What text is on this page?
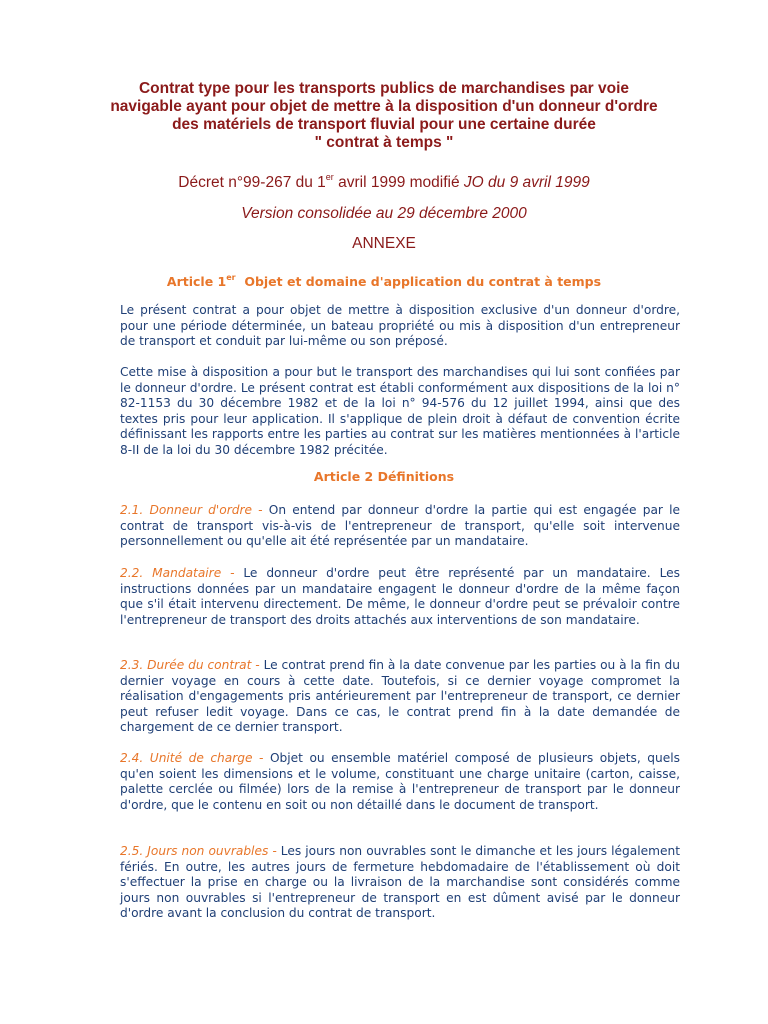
Contrat type pour les transports publics de marchandises par voie
navigable ayant pour objet de mettre à la disposition d'un donneur d'ordre
des matériels de transport fluvial pour une certaine durée
" contrat à temps "
Décret n°99-267 du 1er avril 1999 modifié JO du 9 avril 1999
Version consolidée au 29 décembre 2000
ANNEXE
Article 1er  Objet et domaine d'application du contrat à temps

Le présent contrat a pour objet de mettre à disposition exclusive d'un donneur d'ordre, pour une période déterminée, un bateau propriété ou mis à disposition d'un entrepreneur de transport et conduit par lui-même ou son préposé.

Cette mise à disposition a pour but le transport des marchandises qui lui sont confiées par le donneur d'ordre. Le présent contrat est établi conformément aux dispositions de la loi n° 82-1153 du 30 décembre 1982 et de la loi n° 94-576 du 12 juillet 1994, ainsi que des textes pris pour leur application. Il s'applique de plein droit à défaut de convention écrite définissant les rapports entre les parties au contrat sur les matières mentionnées à l'article 8-II de la loi du 30 décembre 1982 précitée.

Article 2 Définitions

2.1. Donneur d'ordre - On entend par donneur d'ordre la partie qui est engagée par le contrat de transport vis-à-vis de l'entrepreneur de transport, qu'elle soit intervenue personnellement ou qu'elle ait été représentée par un mandataire.

2.2. Mandataire - Le donneur d'ordre peut être représenté par un mandataire. Les instructions données par un mandataire engagent le donneur d'ordre de la même façon que s'il était intervenu directement. De même, le donneur d'ordre peut se prévaloir contre l'entrepreneur de transport des droits attachés aux interventions de son mandataire.

2.3. Durée du contrat - Le contrat prend fin à la date convenue par les parties ou à la fin du dernier voyage en cours à cette date. Toutefois, si ce dernier voyage compromet la réalisation d'engagements pris antérieurement par l'entrepreneur de transport, ce dernier peut refuser ledit voyage. Dans ce cas, le contrat prend fin à la date demandée de chargement de ce dernier transport.

2.4. Unité de charge - Objet ou ensemble matériel composé de plusieurs objets, quels qu'en soient les dimensions et le volume, constituant une charge unitaire (carton, caisse, palette cerclée ou filmée) lors de la remise à l'entrepreneur de transport par le donneur d'ordre, que le contenu en soit ou non détaillé dans le document de transport.

2.5. Jours non ouvrables - Les jours non ouvrables sont le dimanche et les jours légalement fériés. En outre, les autres jours de fermeture hebdomadaire de l'établissement où doit s'effectuer la prise en charge ou la livraison de la marchandise sont considérés comme jours non ouvrables si l'entrepreneur de transport en est dûment avisé par le donneur d'ordre avant la conclusion du contrat de transport.
